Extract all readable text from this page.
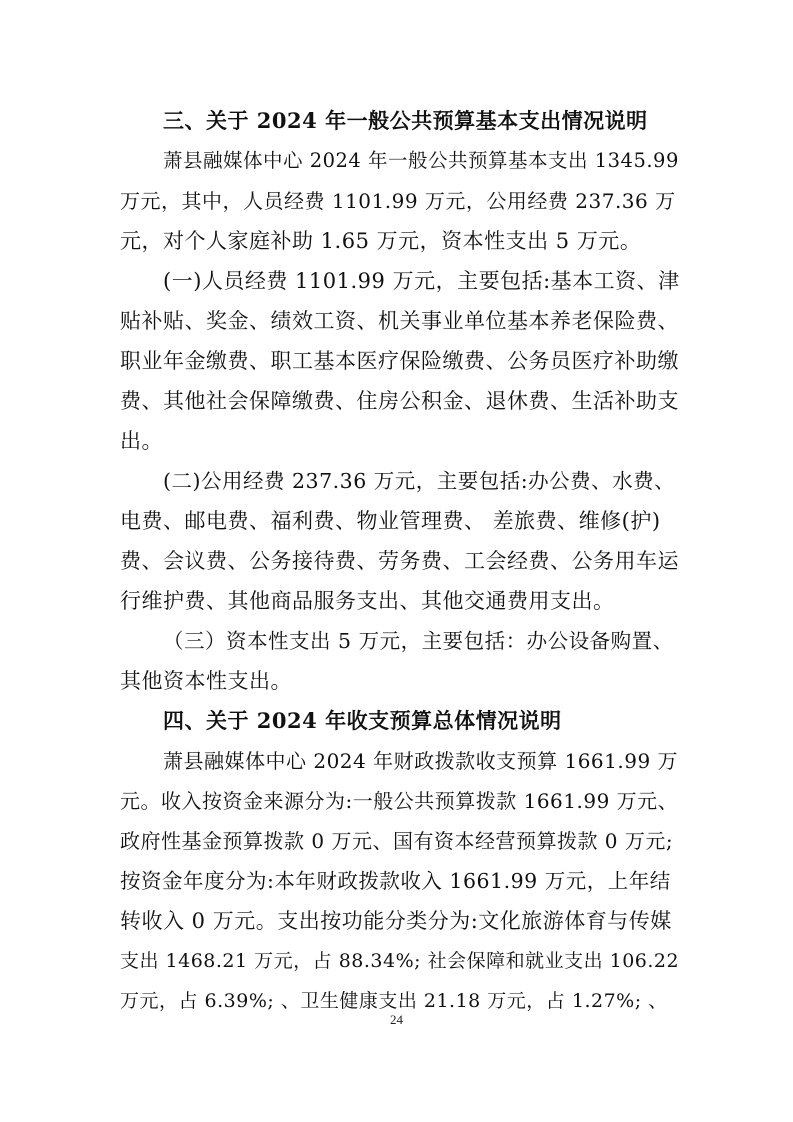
三、关于 2024 年一般公共预算基本支出情况说明
萧县融媒体中心 2024 年一般公共预算基本支出 1345.99
万元，其中，人员经费 1101.99 万元，公用经费 237.36 万
元，对个人家庭补助 1.65 万元，资本性支出 5 万元。
(一)人员经费 1101.99 万元，主要包括:基本工资、津
贴补贴、奖金、绩效工资、机关事业单位基本养老保险费、
职业年金缴费、职工基本医疗保险缴费、公务员医疗补助缴
费、其他社会保障缴费、住房公积金、退休费、生活补助支
出。
(二)公用经费 237.36 万元，主要包括:办公费、水费、
电费、邮电费、福利费、物业管理费、 差旅费、维修(护)
费、会议费、公务接待费、劳务费、工会经费、公务用车运
行维护费、其他商品服务支出、其他交通费用支出。
（三）资本性支出 5 万元，主要包括：办公设备购置、
其他资本性支出。
四、关于 2024 年收支预算总体情况说明
萧县融媒体中心 2024 年财政拨款收支预算 1661.99 万
元。收入按资金来源分为:一般公共预算拨款 1661.99 万元、
政府性基金预算拨款 0 万元、国有资本经营预算拨款 0 万元;
按资金年度分为:本年财政拨款收入 1661.99 万元，上年结
转收入 0 万元。支出按功能分类分为:文化旅游体育与传媒
支出 1468.21 万元，占 88.34%; 社会保障和就业支出 106.22
万元，占 6.39%; 、卫生健康支出 21.18 万元，占 1.27%; 、
24
